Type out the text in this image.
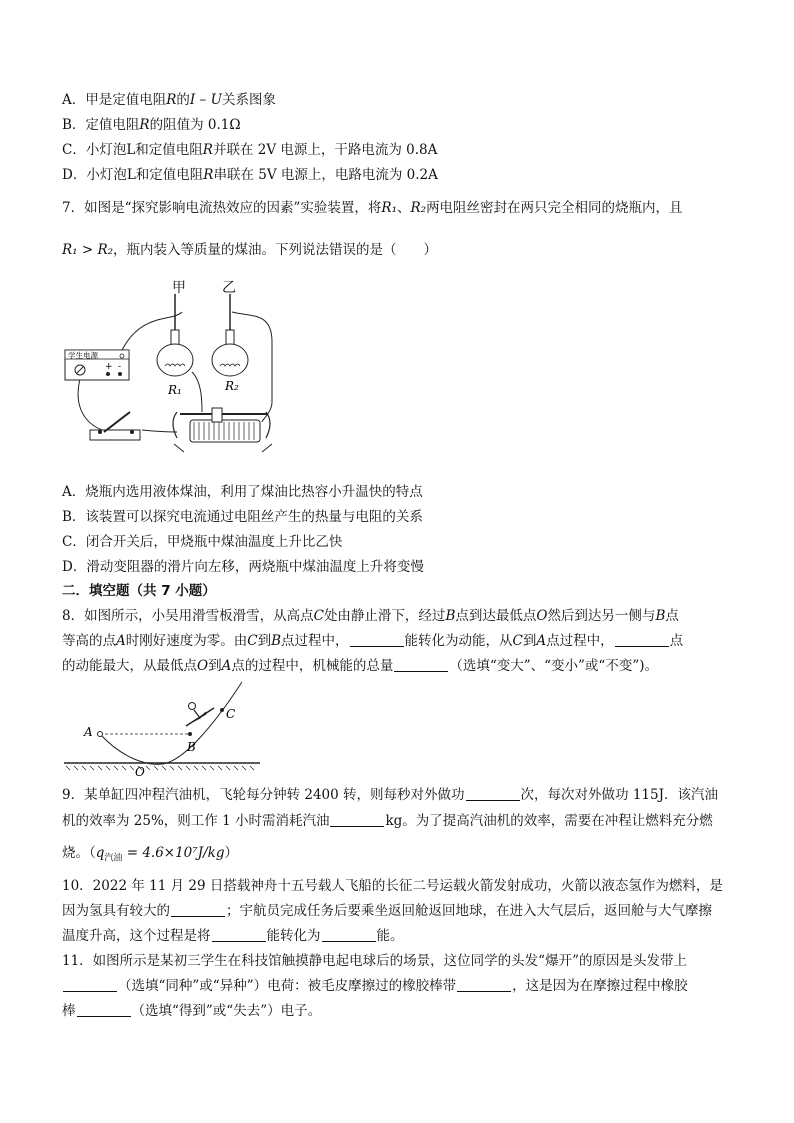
A．甲是定值电阻R的I – U关系图象
B．定值电阻R的阻值为 0.1Ω
C．小灯泡L和定值电阻R并联在 2V 电源上，干路电流为 0.8A
D．小灯泡L和定值电阻R串联在 5V 电源上，电路电流为 0.2A
7．如图是“探究影响电流热效应的因素”实验装置，将R₁、R₂两电阻丝密封在两只完全相同的烧瓶内，且
R₁ > R₂，瓶内装入等质量的煤油。下列说法错误的是（　　）
学生电源
+ -
R₁	R₂
甲	乙
A．烧瓶内选用液体煤油，利用了煤油比热容小升温快的特点
B．该装置可以探究电流通过电阻丝产生的热量与电阻的关系
C．闭合开关后，甲烧瓶中煤油温度上升比乙快
D．滑动变阻器的滑片向左移，两烧瓶中煤油温度上升将变慢
二．填空题（共 7 小题）
8．如图所示，小吴用滑雪板滑雪，从高点C处由静止滑下，经过B点到达最低点O然后到达另一侧与B点
等高的点A时刚好速度为零。由C到B点过程中，	能转化为动能，从C到A点过程中，	点
的动能最大，从最低点O到A点的过程中，机械能的总量	（选填“变大”、“变小”或“不变”)。
A
B
C
O
9．某单缸四冲程汽油机，飞轮每分钟转 2400 转，则每秒对外做功	次，每次对外做功 115J．该汽油
机的效率为 25%，则工作 1 小时需消耗汽油	kg。为了提高汽油机的效率，需要在冲程让燃料充分燃
烧。$(q_{汽油} = 4.6\times 10^7J/kg)$
10．2022 年 11 月 29 日搭载神舟十五号载人飞船的长征二号运载火箭发射成功，火箭以液态氢作为燃料，是
因为氢具有较大的	；宇航员完成任务后要乘坐返回舱返回地球，在进入大气层后，返回舱与大气摩擦
温度升高，这个过程是将	能转化为	能。
11．如图所示是某初三学生在科技馆触摸静电起电球后的场景，这位同学的头发“爆开”的原因是头发带上
（选填“同种”或“异种”）电荷：被毛皮摩擦过的橡胶棒带	，这是因为在摩擦过程中橡胶
棒	（选填“得到”或“失去”）电子。
